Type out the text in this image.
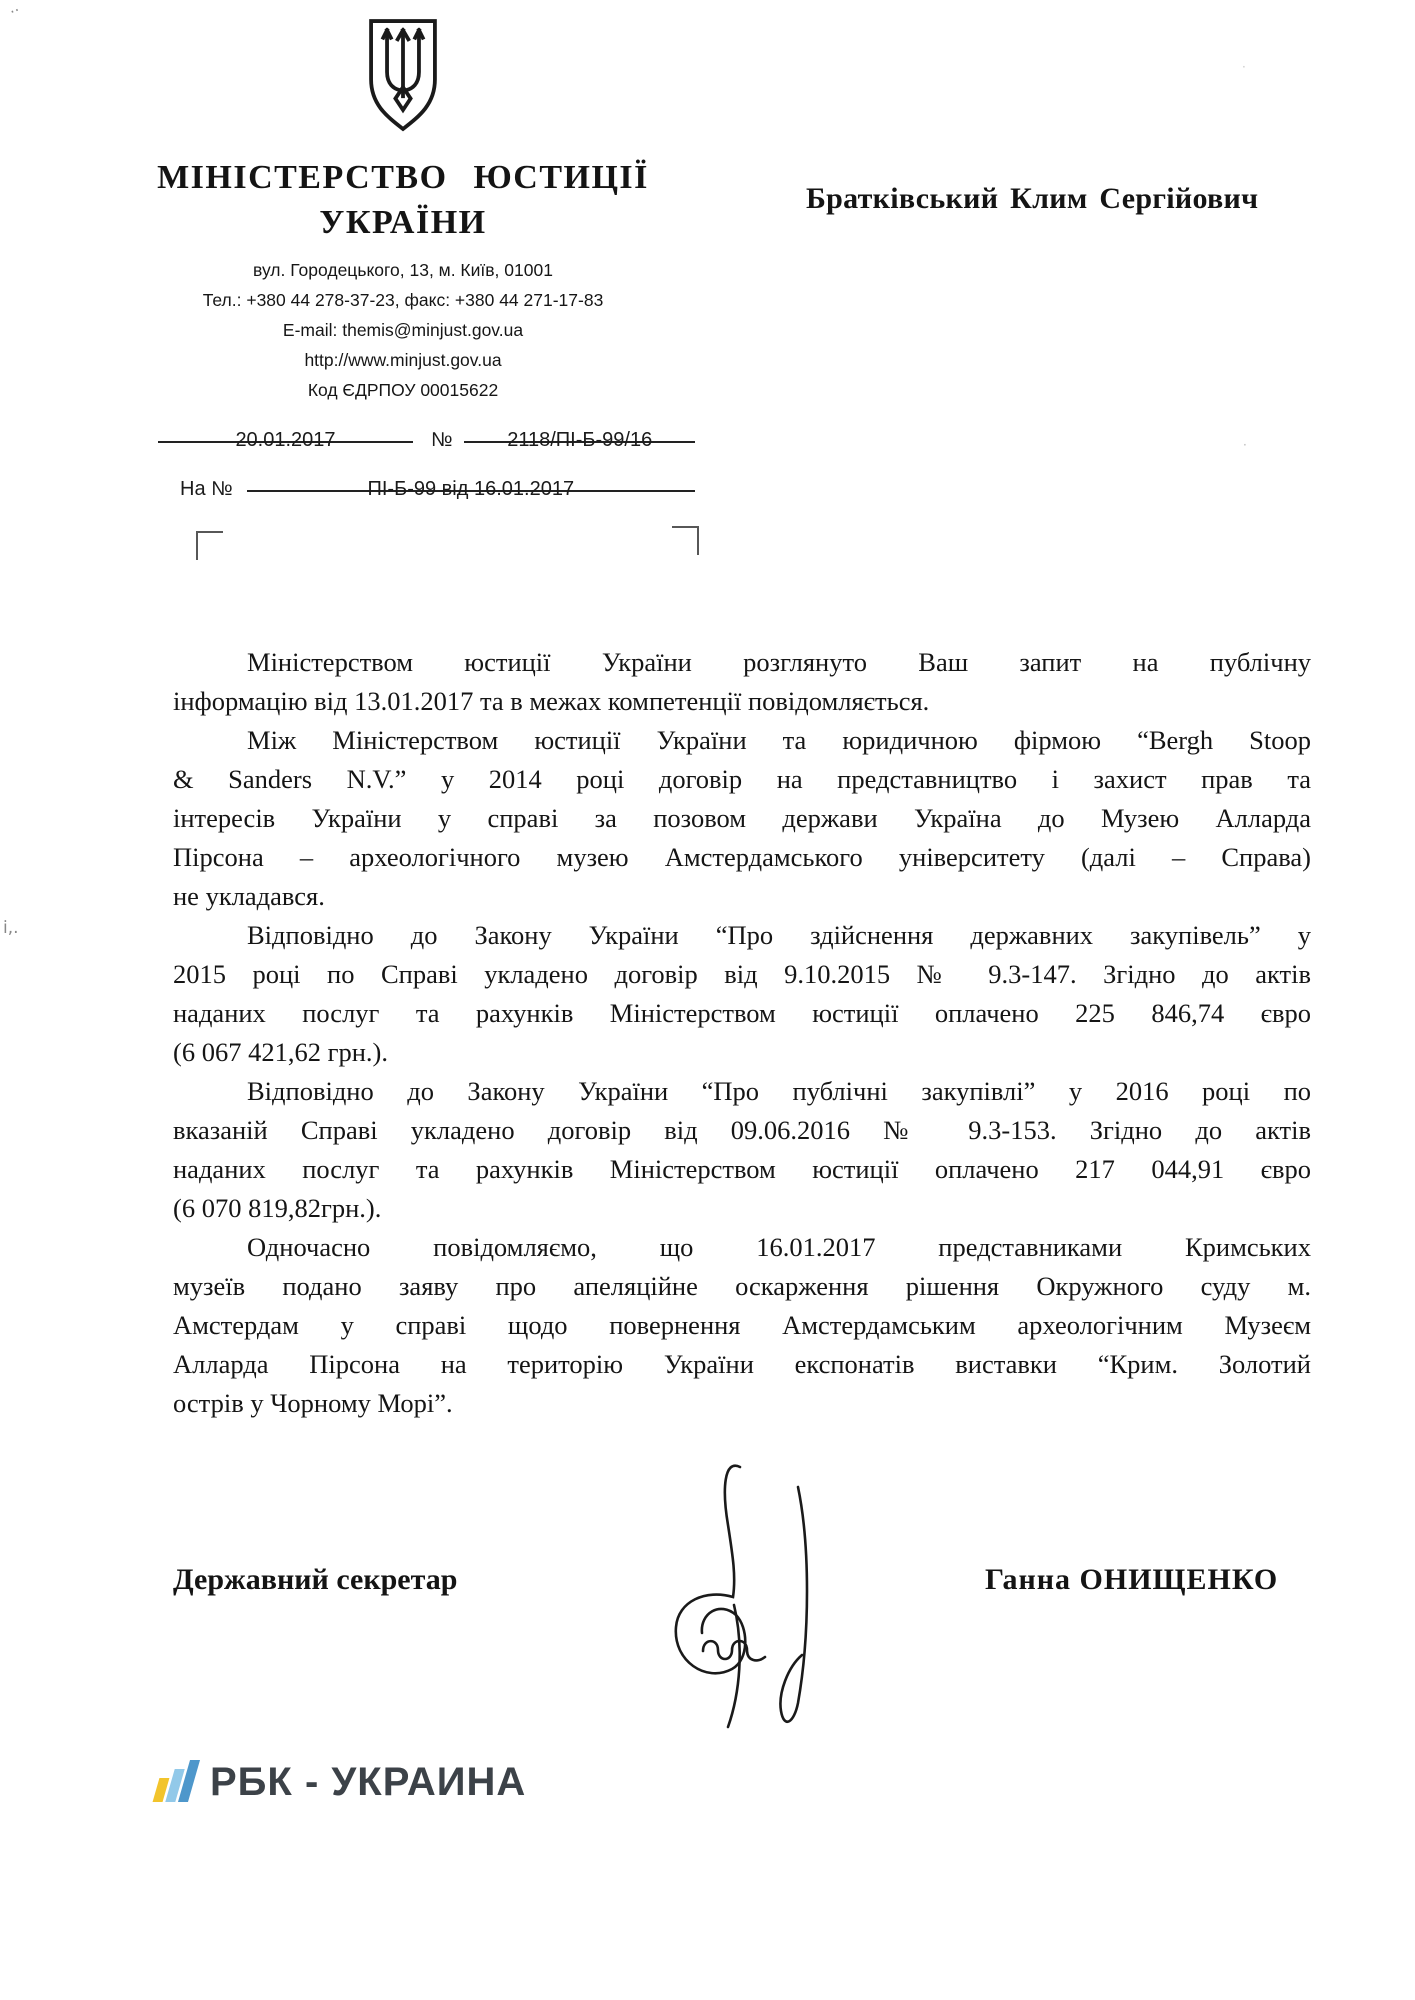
МІНІСТЕРСТВО ЮСТИЦІЇ
УКРАЇНИ
вул. Городецького, 13, м. Київ, 01001
Тел.: +380 44 278-37-23, факс: +380 44 271-17-83
E-mail: themis@minjust.gov.ua
http://www.minjust.gov.ua
Код ЄДРПОУ 00015622
Братківський Клим Сергійович
20.01.2017	№	2118/ПІ-Б-99/16
На №	ПІ-Б-99 від 16.01.2017
Міністерством юстиції України розглянуто Ваш запит на публічну
інформацію від 13.01.2017 та в межах компетенції повідомляється.
Між Міністерством юстиції України та юридичною фірмою “Bergh Stoop
& Sanders N.V.” у 2014 році договір на представництво і захист прав та
інтересів України у справі за позовом держави Україна до Музею Алларда
Пірсона – археологічного музею Амстердамського університету (далі – Справа)
не укладався.
Відповідно до Закону України “Про здійснення державних закупівель” у
2015 році по Справі укладено договір від 9.10.2015 № 9.3-147. Згідно до актів
наданих послуг та рахунків Міністерством юстиції оплачено 225 846,74 євро
(6 067 421,62 грн.).
Відповідно до Закону України “Про публічні закупівлі” у 2016 році по
вказаній Справі укладено договір від 09.06.2016 № 9.3-153. Згідно до актів
наданих послуг та рахунків Міністерством юстиції оплачено 217 044,91 євро
(6 070 819,82грн.).
Одночасно повідомляємо, що 16.01.2017 представниками Кримських
музеїв подано заяву про апеляційне оскарження рішення Окружного суду м.
Амстердам у справі щодо повернення Амстердамським археологічним Музеєм
Алларда Пірсона на територію України експонатів виставки “Крим. Золотий
острів у Чорному Морі”.
Державний секретар	Ганна ОНИЩЕНКО
РБК - УКРАИНА
··
і,.
·
·
